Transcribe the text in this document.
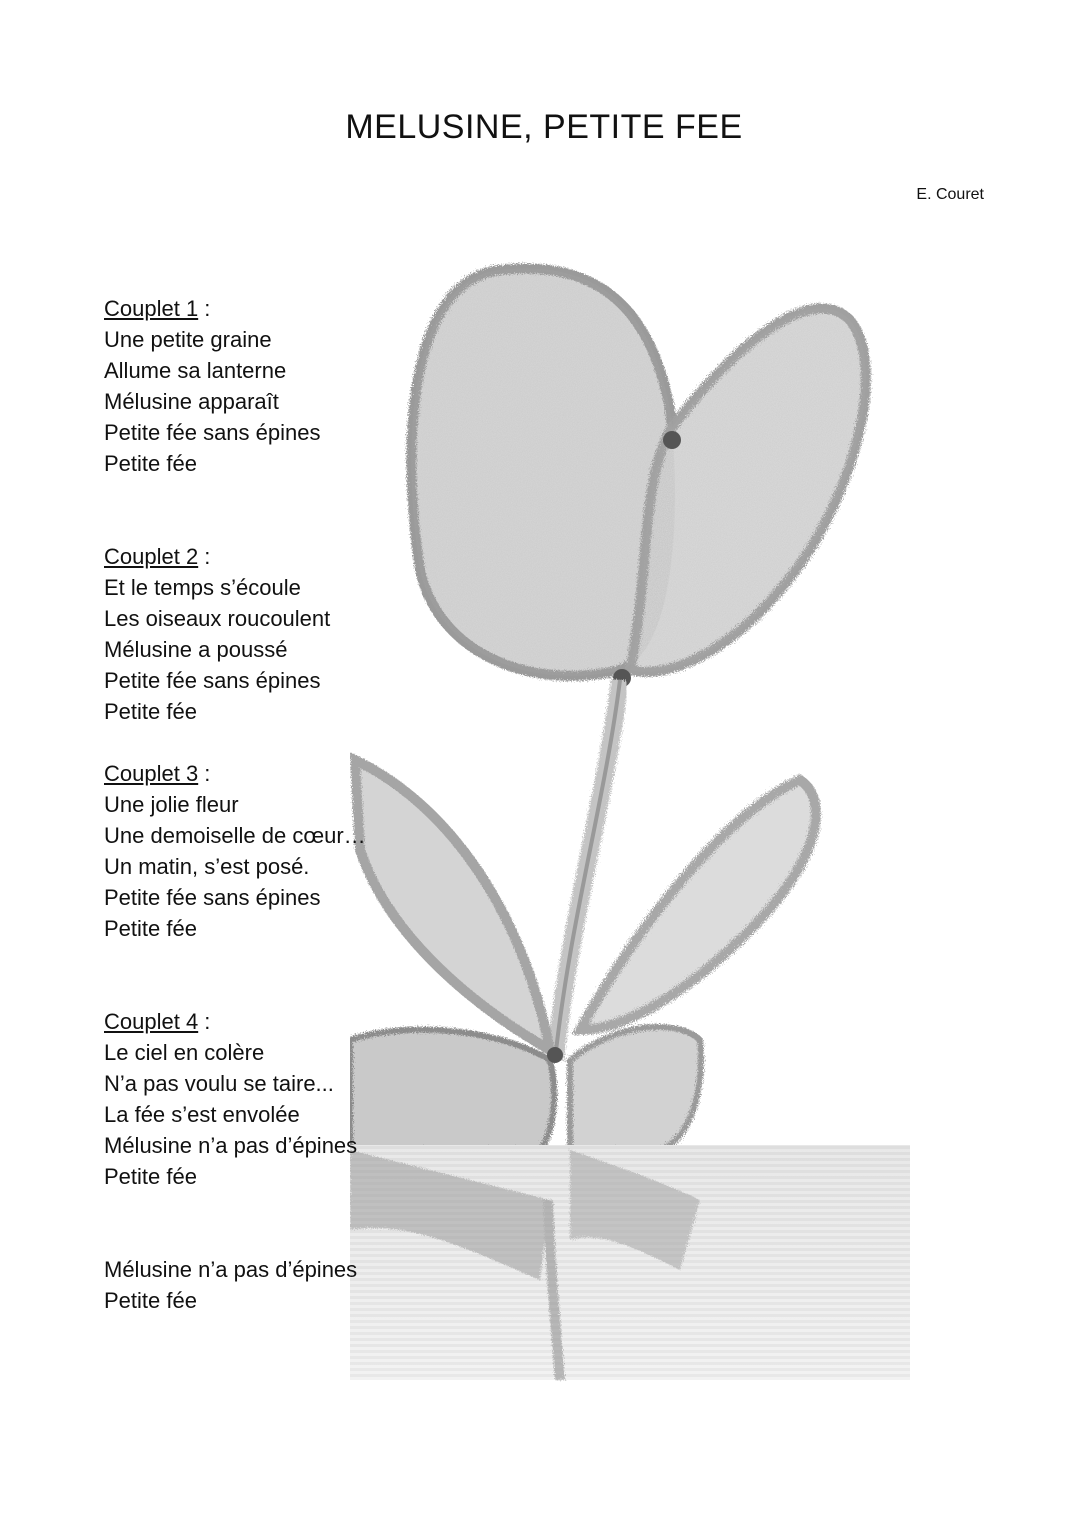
MELUSINE, PETITE FEE
E. Couret
Couplet 1 :
Une petite graine
Allume sa lanterne
Mélusine apparaît
Petite fée sans épines
Petite fée
Couplet 2 :
Et le temps s’écoule
Les oiseaux roucoulent
Mélusine a poussé
Petite fée sans épines
Petite fée
Couplet 3 :
Une jolie fleur
Une demoiselle de cœur…
Un matin, s’est posé.
Petite fée sans épines
Petite fée
Couplet 4 :
Le ciel en colère
N’a pas voulu se taire...
La fée s’est envolée
Mélusine n’a pas d’épines
Petite fée
Mélusine n’a pas d’épines
Petite fée
